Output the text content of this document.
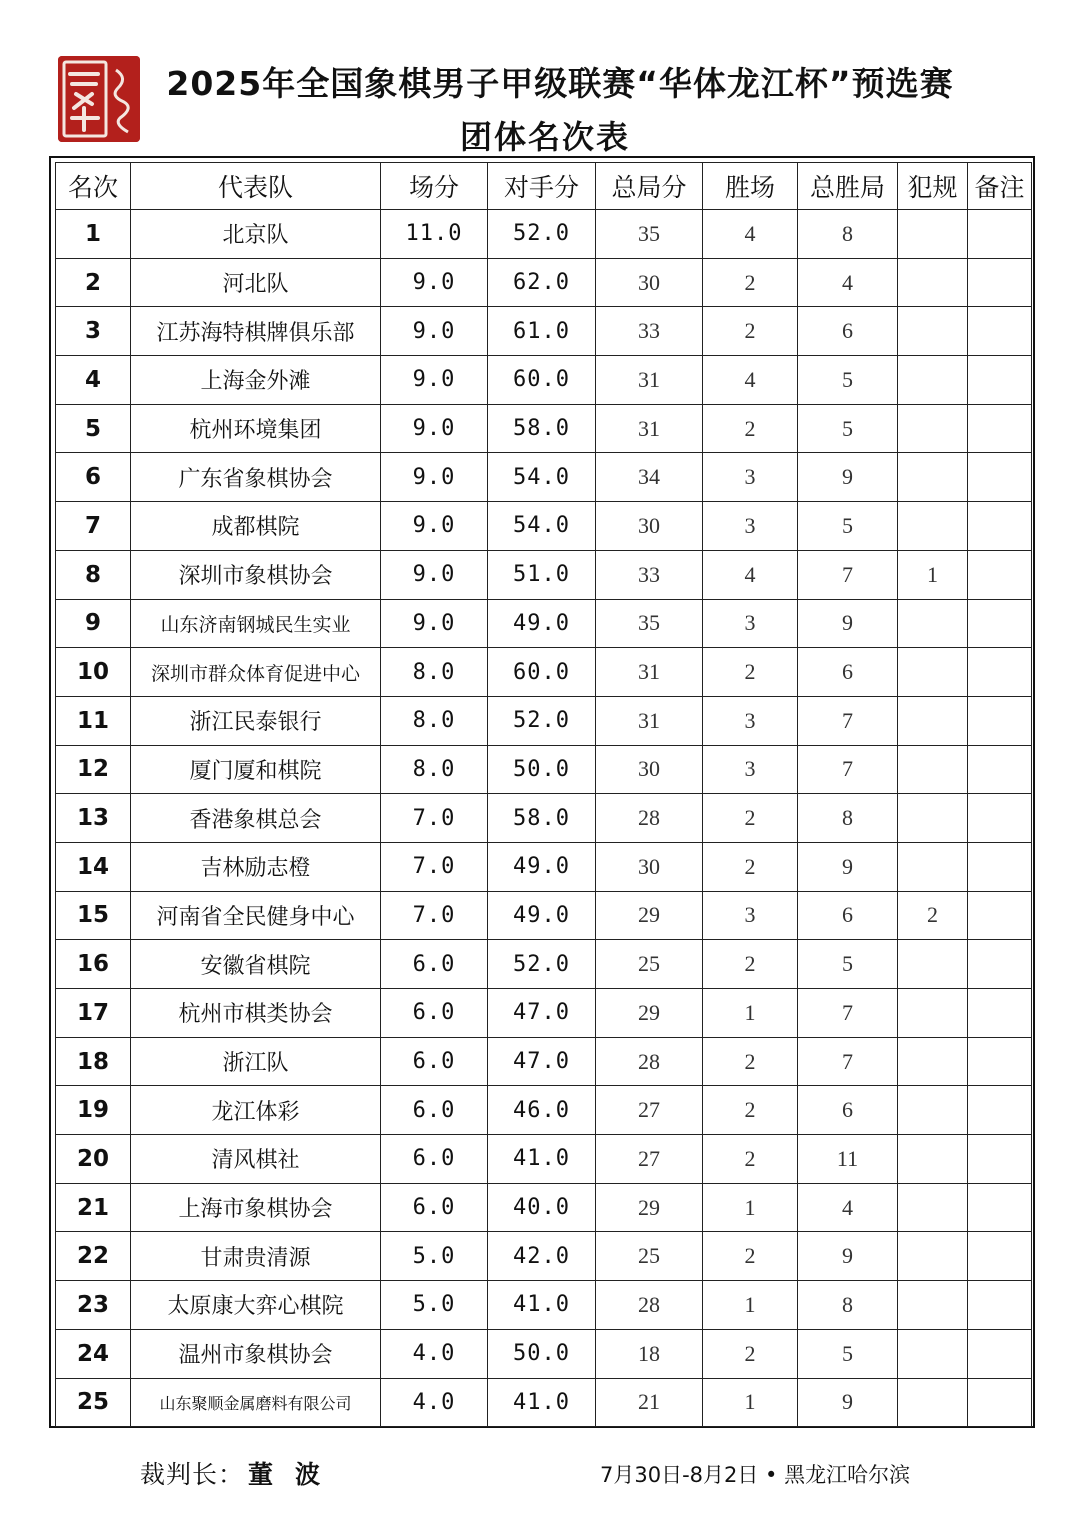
2025年全国象棋男子甲级联赛“华体龙江杯”预选赛
团体名次表
名次	代表队	场分	对手分	总局分	胜场	总胜局	犯规	备注
1	北京队	11.0	52.0	35	4	8		
2	河北队	9.0	62.0	30	2	4		
3	江苏海特棋牌俱乐部	9.0	61.0	33	2	6		
4	上海金外滩	9.0	60.0	31	4	5		
5	杭州环境集团	9.0	58.0	31	2	5		
6	广东省象棋协会	9.0	54.0	34	3	9		
7	成都棋院	9.0	54.0	30	3	5		
8	深圳市象棋协会	9.0	51.0	33	4	7	1	
9	山东济南钢城民生实业	9.0	49.0	35	3	9		
10	深圳市群众体育促进中心	8.0	60.0	31	2	6		
11	浙江民泰银行	8.0	52.0	31	3	7		
12	厦门厦和棋院	8.0	50.0	30	3	7		
13	香港象棋总会	7.0	58.0	28	2	8		
14	吉林励志橙	7.0	49.0	30	2	9		
15	河南省全民健身中心	7.0	49.0	29	3	6	2	
16	安徽省棋院	6.0	52.0	25	2	5		
17	杭州市棋类协会	6.0	47.0	29	1	7		
18	浙江队	6.0	47.0	28	2	7		
19	龙江体彩	6.0	46.0	27	2	6		
20	清风棋社	6.0	41.0	27	2	11		
21	上海市象棋协会	6.0	40.0	29	1	4		
22	甘肃贵清源	5.0	42.0	25	2	9		
23	太原康大弈心棋院	5.0	41.0	28	1	8		
24	温州市象棋协会	4.0	50.0	18	2	5		
25	山东聚顺金属磨料有限公司	4.0	41.0	21	1	9		
裁判长： 董波	7月30日-8月2日 • 黑龙江哈尔滨
